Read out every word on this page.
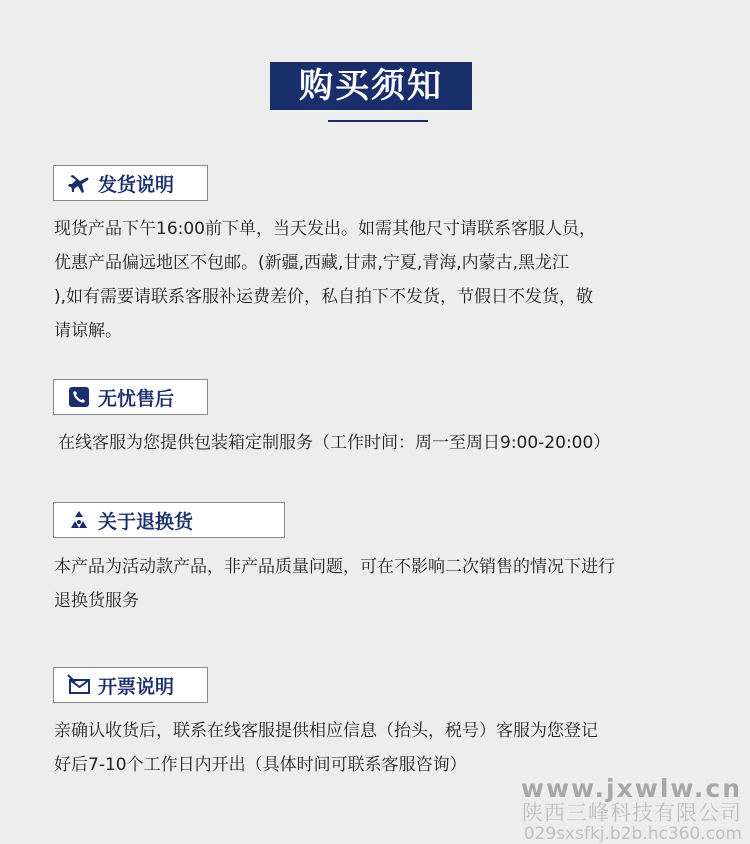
购买须知
发货说明
现货产品下午16:00前下单，当天发出。如需其他尺寸请联系客服人员，
优惠产品偏远地区不包邮。(新疆,西藏,甘肃,宁夏,青海,内蒙古,黑龙江
),如有需要请联系客服补运费差价，私自拍下不发货，节假日不发货，敬
请谅解。
无忧售后
在线客服为您提供包装箱定制服务（工作时间：周一至周日9:00-20:00）
关于退换货
本产品为活动款产品，非产品质量问题，可在不影响二次销售的情况下进行
退换货服务
开票说明
亲确认收货后，联系在线客服提供相应信息（抬头，税号）客服为您登记
好后7-10个工作日内开出（具体时间可联系客服咨询）
www.jxwlw.cn
陕西三峰科技有限公司
029sxsfkj.b2b.hc360.com
